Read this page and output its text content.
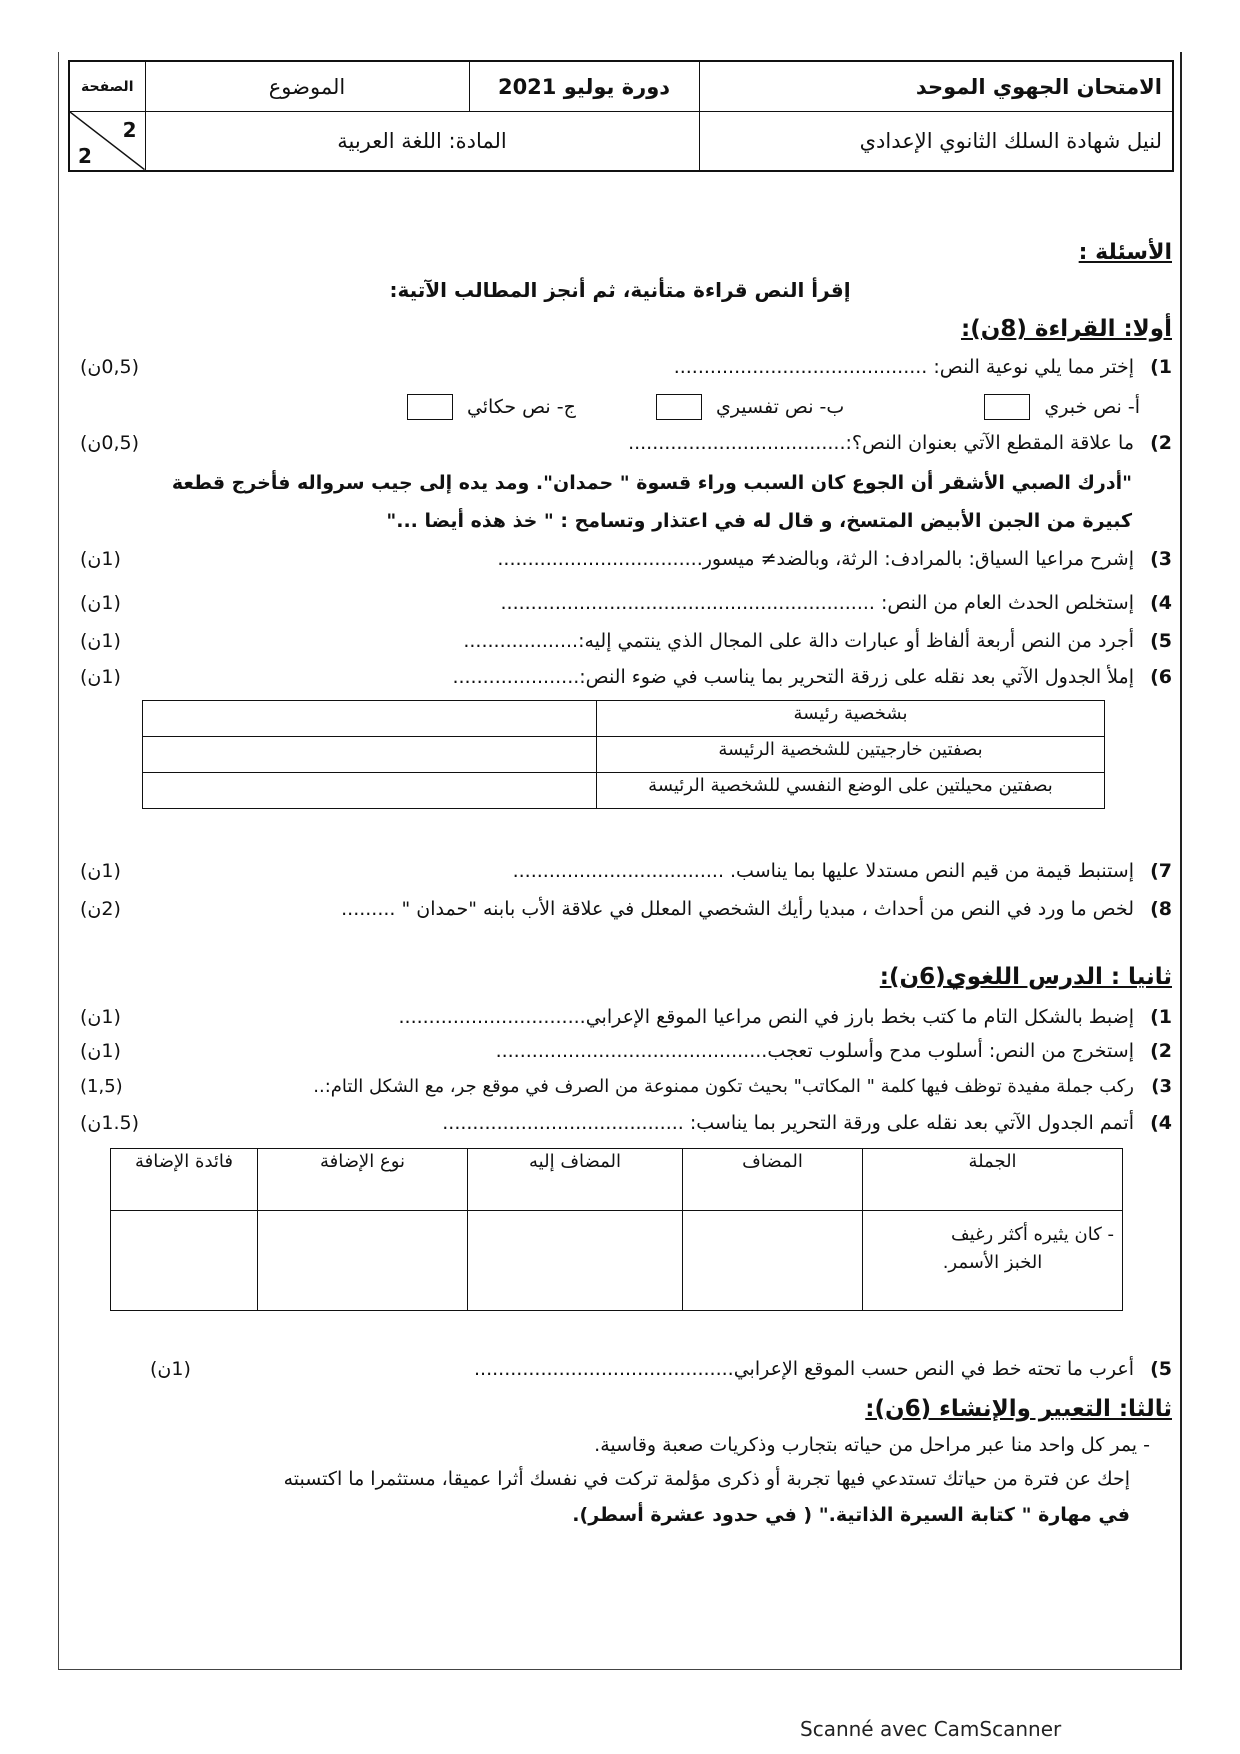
الامتحان الجهوي الموحد	دورة يوليو 2021	الموضوع	الصفحة
لنيل شهادة السلك الثانوي الإعدادي	المادة: اللغة العربية		2
2
الأسئلة :
إقرأ النص قراءة متأنية، ثم أنجز المطالب الآتية:
أولا: القراءة (8ن):
1)
إختر مما يلي نوعية النص: ..........................................
(0,5ن)
أ- نص خبري  ب- نص تفسيري  ج- نص حكائي
2)
ما علاقة المقطع الآتي بعنوان النص؟:....................................
(0,5ن)
"أدرك الصبي الأشقر أن الجوع كان السبب وراء قسوة " حمدان". ومد يده إلى جيب سرواله فأخرج قطعة
كبيرة من الجبن الأبيض المتسخ، و قال له في اعتذار وتسامح : " خذ هذه أيضا ..."
3)
إشرح مراعيا السياق: بالمرادف: الرثة، وبالضد≠ ميسور..................................
(1ن)
4)
إستخلص الحدث العام من النص: ..............................................................
(1ن)
5)
أجرد من النص أربعة ألفاظ أو عبارات دالة على المجال الذي ينتمي إليه:...................
(1ن)
6)
إملأ الجدول الآتي بعد نقله على زرقة التحرير بما يناسب في ضوء النص:.....................
(1ن)
بشخصية رئيسة	
بصفتين خارجيتين للشخصية الرئيسة	
بصفتين محيلتين على الوضع النفسي للشخصية الرئيسة	
7)
إستنبط قيمة من قيم النص مستدلا عليها بما يناسب. ...................................
(1ن)
8)
لخص ما ورد في النص من أحداث ، مبديا رأيك الشخصي المعلل في علاقة الأب بابنه "حمدان " .........
(2ن)
ثانيا : الدرس اللغوي(6ن):
1)
إضبط بالشكل التام ما كتب بخط بارز في النص مراعيا الموقع الإعرابي...............................
(1ن)
2)
إستخرج من النص: أسلوب مدح وأسلوب تعجب.............................................
(1ن)
3)
ركب جملة مفيدة توظف فيها كلمة " المكاتب" بحيث تكون ممنوعة من الصرف في موقع جر، مع الشكل التام:..
(1,5)
4)
أتمم الجدول الآتي بعد نقله على ورقة التحرير بما يناسب: ........................................
(1.5ن)
الجملة	المضاف	المضاف إليه	نوع الإضافة	فائدة الإضافة

- كان يثيره أكثر رغيف
الخبز الأسمر.				

5)
أعرب ما تحته خط في النص حسب الموقع الإعرابي...........................................
(1ن)
ثالثا: التعبير والإنشاء (6ن):
- يمر كل واحد منا عبر مراحل من حياته بتجارب وذكريات صعبة وقاسية.
إحك عن فترة من حياتك تستدعي فيها تجربة أو ذكرى مؤلمة تركت في نفسك أثرا عميقا، مستثمرا ما اكتسبته
في مهارة " كتابة السيرة الذاتية." ( في حدود عشرة أسطر).
Scanné avec CamScanner
